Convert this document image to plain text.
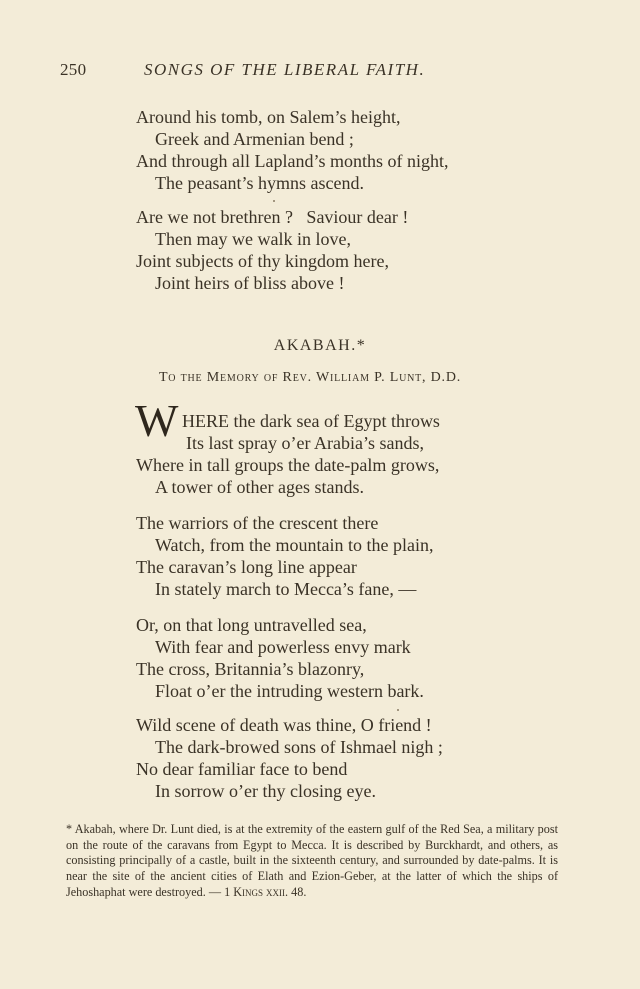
250	SONGS OF THE LIBERAL FAITH.
Around his tomb, on Salem’s height,
Greek and Armenian bend ;
And through all Lapland’s months of night,
The peasant’s hymns ascend.
Are we not brethren ?   Saviour dear !
Then may we walk in love,
Joint subjects of thy kingdom here,
Joint heirs of bliss above !
AKABAH.*
To the Memory of Rev. William P. Lunt, D.D.
W HERE the dark sea of Egypt throws
Its last spray o’er Arabia’s sands,
Where in tall groups the date-palm grows,
A tower of other ages stands.
The warriors of the crescent there
Watch, from the mountain to the plain,
The caravan’s long line appear
In stately march to Mecca’s fane, —
Or, on that long untravelled sea,
With fear and powerless envy mark
The cross, Britannia’s blazonry,
Float o’er the intruding western bark.
Wild scene of death was thine, O friend !
The dark-browed sons of Ishmael nigh ;
No dear familiar face to bend
In sorrow o’er thy closing eye.
* Akabah, where Dr. Lunt died, is at the extremity of the eastern gulf of the Red Sea, a military post on the route of the caravans from Egypt to Mecca. It is described by Burckhardt, and others, as consisting principally of a castle, built in the sixteenth century, and surrounded by date-palms. It is near the site of the ancient cities of Elath and Ezion-Geber, at the latter of which the ships of Jehoshaphat were destroyed. — 1 Kings xxii. 48.
